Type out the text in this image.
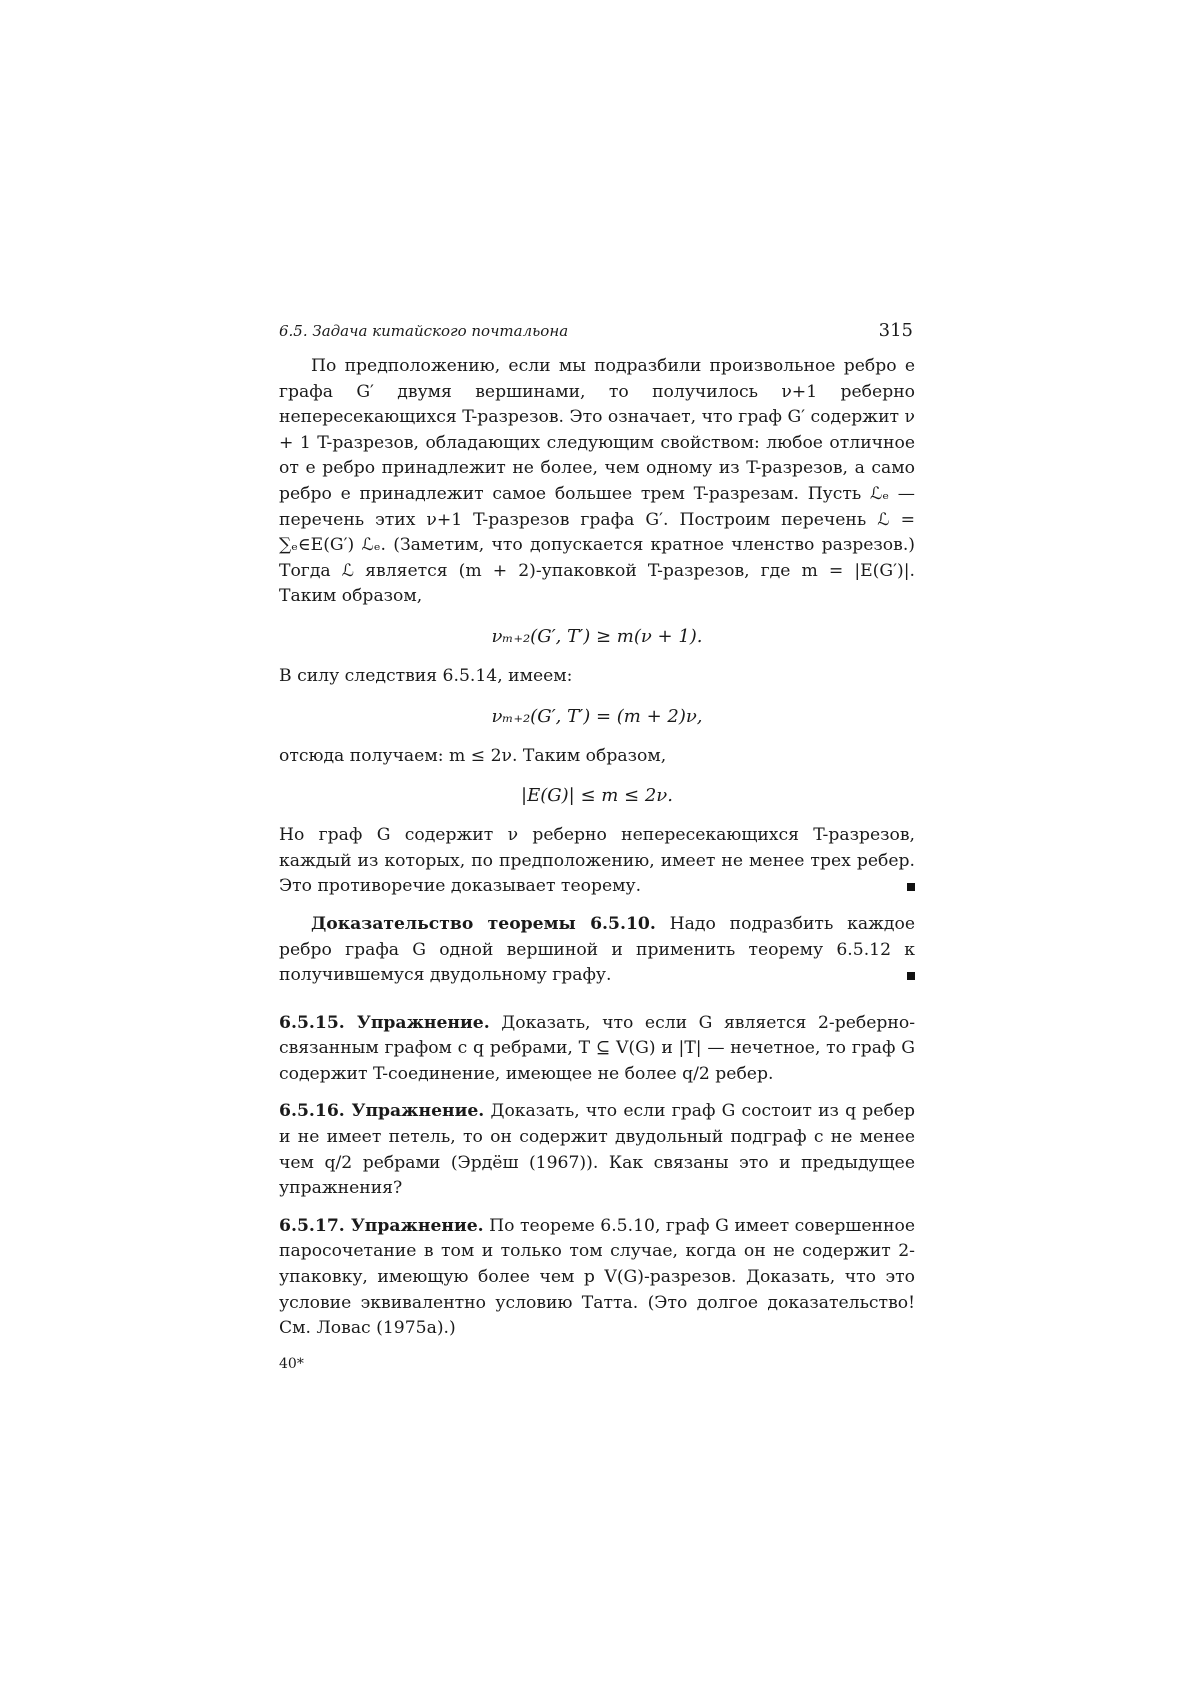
6.5. Задача китайского почтальона	315

По предположению, если мы подразбили произвольное ребро e графа G′ двумя вершинами, то получилось ν+1 реберно непересекающихся T-разрезов. Это означает, что граф G′ содержит ν + 1 T-разрезов, обладающих следующим свойством: любое отличное от e ребро принадлежит не более, чем одному из T-разрезов, а само ребро e принадлежит самое большее трем T-разрезам. Пусть ℒₑ — перечень этих ν+1 T-разрезов графа G′. Построим перечень ℒ = ∑ₑ∈E(G′) ℒₑ. (Заметим, что допускается кратное членство разрезов.) Тогда ℒ является (m + 2)-упаковкой T-разрезов, где m = |E(G′)|. Таким образом,

νₘ₊₂(G′, T′) ≥ m(ν + 1).

В силу следствия 6.5.14, имеем:

νₘ₊₂(G′, T′) = (m + 2)ν,

отсюда получаем: m ≤ 2ν. Таким образом,

|E(G)| ≤ m ≤ 2ν.

Но граф G содержит ν реберно непересекающихся T-разрезов, каждый из которых, по предположению, имеет не менее трех ребер. Это противоречие доказывает теорему.

Доказательство теоремы 6.5.10. Надо подразбить каждое ребро графа G одной вершиной и применить теорему 6.5.12 к получившемуся двудольному графу.

6.5.15. Упражнение. Доказать, что если G является 2-реберно-связанным графом с q ребрами, T ⊆ V(G) и |T| — нечетное, то граф G содержит T-соединение, имеющее не более q/2 ребер.

6.5.16. Упражнение. Доказать, что если граф G состоит из q ребер и не имеет петель, то он содержит двудольный подграф с не менее чем q/2 ребрами (Эрдёш (1967)). Как связаны это и предыдущее упражнения?

6.5.17. Упражнение. По теореме 6.5.10, граф G имеет совершенное паросочетание в том и только том случае, когда он не содержит 2-упаковку, имеющую более чем p V(G)-разрезов. Доказать, что это условие эквивалентно условию Татта. (Это долгое доказательство! См. Ловас (1975а).)

40*
